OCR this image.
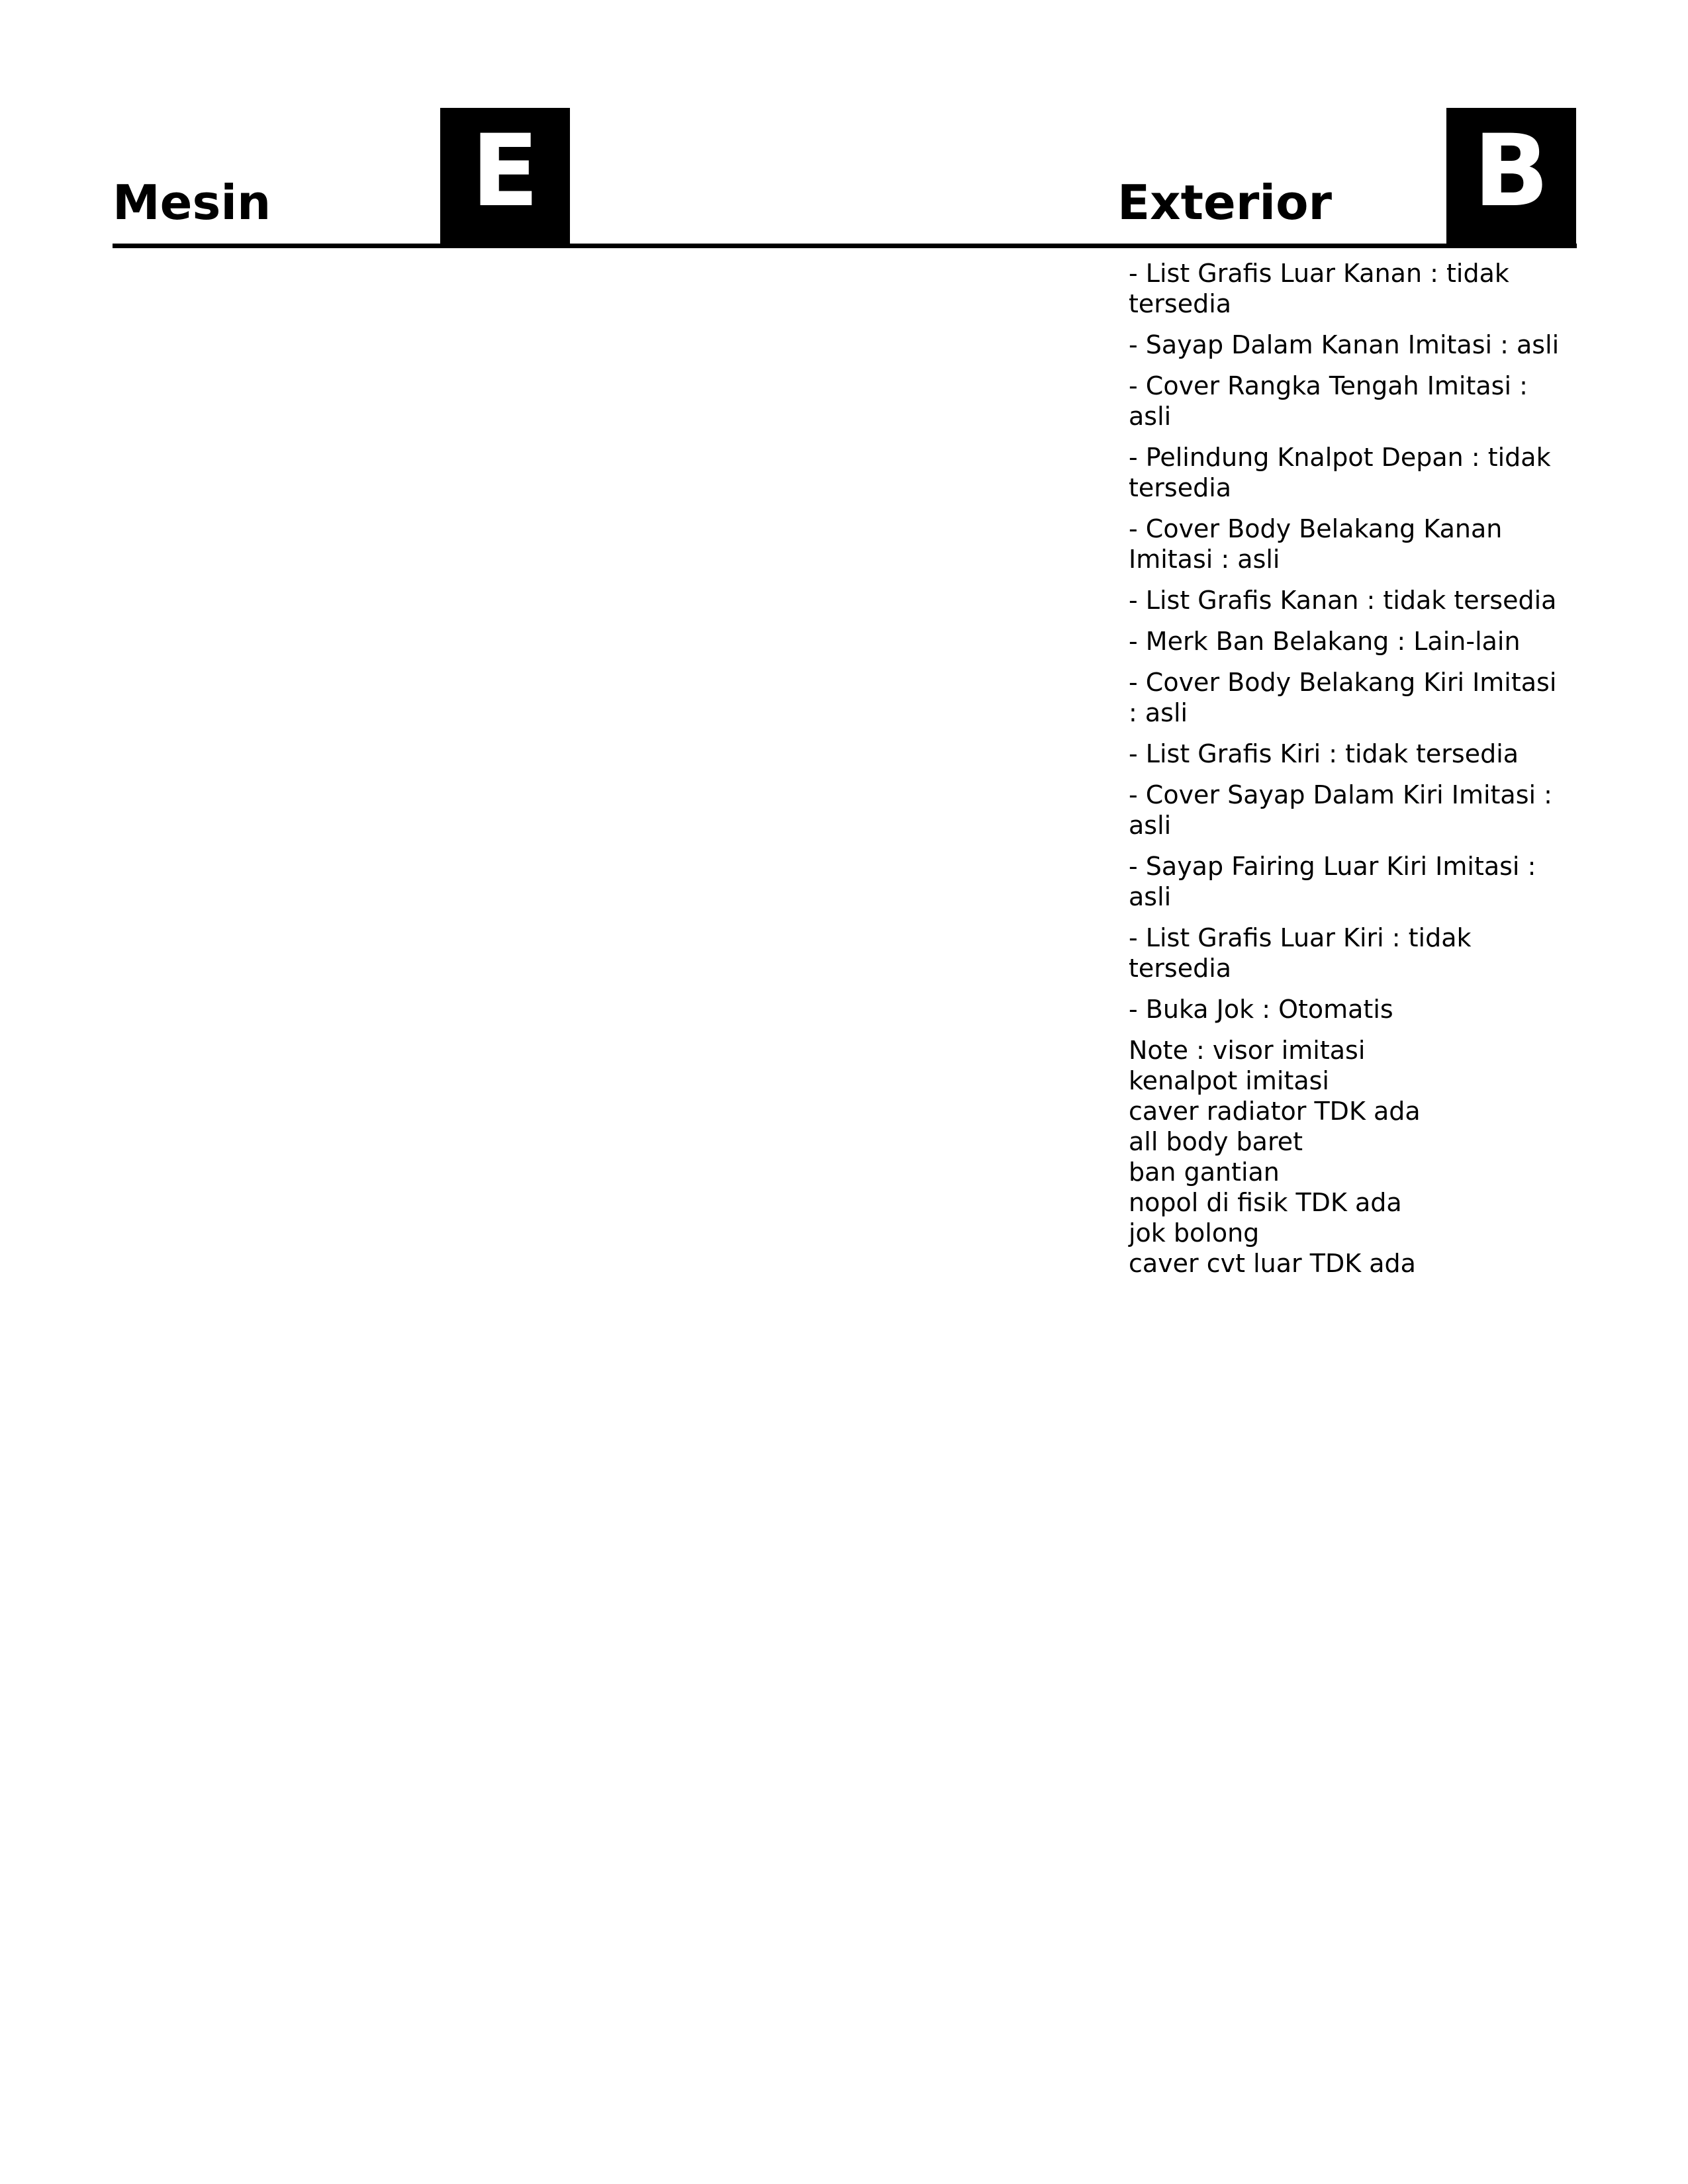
Mesin	E	Exterior B
- List Grafis Luar Kanan : tidak tersedia
- Sayap Dalam Kanan Imitasi : asli
- Cover Rangka Tengah Imitasi : asli
- Pelindung Knalpot Depan : tidak tersedia
- Cover Body Belakang Kanan Imitasi : asli
- List Grafis Kanan : tidak tersedia
- Merk Ban Belakang : Lain-lain
- Cover Body Belakang Kiri Imitasi : asli
- List Grafis Kiri : tidak tersedia
- Cover Sayap Dalam Kiri Imitasi : asli
- Sayap Fairing Luar Kiri Imitasi : asli
- List Grafis Luar Kiri : tidak tersedia
- Buka Jok : Otomatis
Note : visor imitasi
kenalpot imitasi
caver radiator TDK ada
all body baret
ban gantian
nopol di fisik TDK ada
jok bolong
caver cvt luar TDK ada
